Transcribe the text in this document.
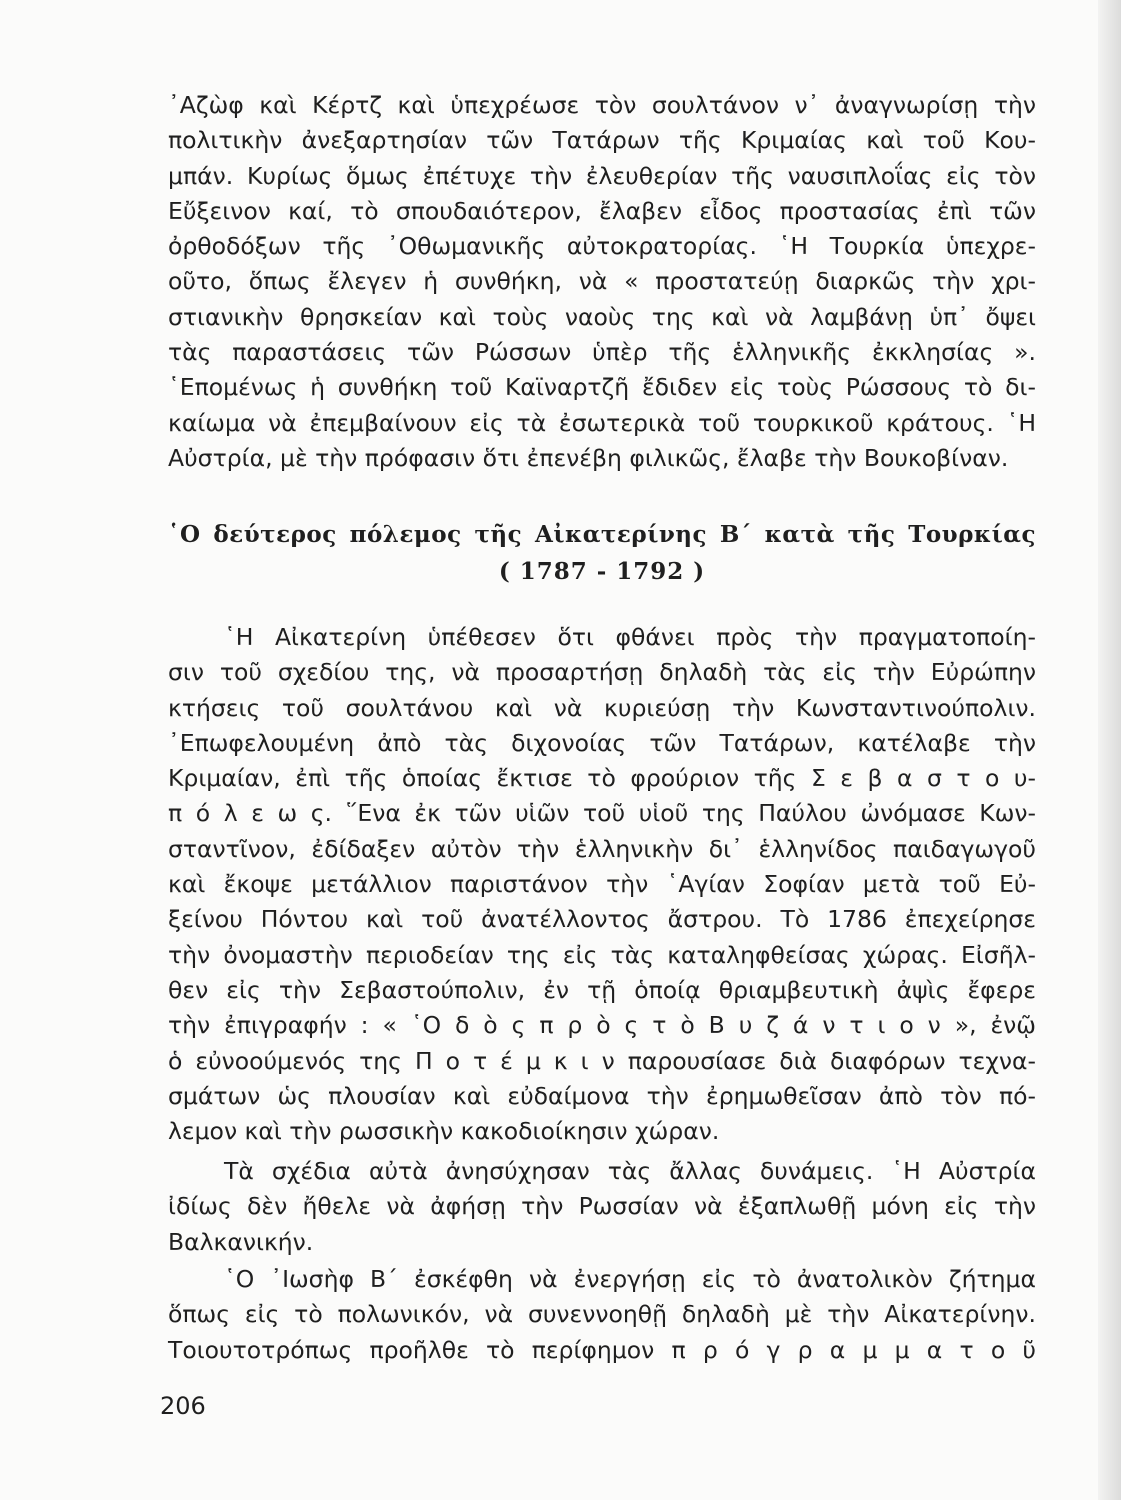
᾿Αζὼφ καὶ Κέρτζ καὶ ὑπεχρέωσε τὸν σουλτάνον ν᾿ ἀναγνωρίσῃ τὴν
πολιτικὴν ἀνεξαρτησίαν τῶν Τατάρων τῆς Κριμαίας καὶ τοῦ Κου-
μπάν. Κυρίως ὅμως ἐπέτυχε τὴν ἐλευθερίαν τῆς ναυσιπλοΐας εἰς τὸν
Εὔξεινον καί, τὸ σπουδαιότερον, ἔλαβεν εἶδος προστασίας ἐπὶ τῶν
ὀρθοδόξων τῆς ᾿Οθωμανικῆς αὐτοκρατορίας. ῾Η Τουρκία ὑπεχρε-
οῦτο, ὅπως ἔλεγεν ἡ συνθήκη, νὰ « προστατεύῃ διαρκῶς τὴν χρι-
στιανικὴν θρησκείαν καὶ τοὺς ναοὺς της καὶ νὰ λαμβάνῃ ὑπ᾿ ὄψει
τὰς παραστάσεις τῶν Ρώσσων ὑπὲρ τῆς ἑλληνικῆς ἐκκλησίας ».
῾Επομένως ἡ συνθήκη τοῦ Καϊναρτζῆ ἔδιδεν εἰς τοὺς Ρώσσους τὸ δι-
καίωμα νὰ ἐπεμβαίνουν εἰς τὰ ἐσωτερικὰ τοῦ τουρκικοῦ κράτους. ῾Η
Αὐστρία, μὲ τὴν πρόφασιν ὅτι ἐπενέβη φιλικῶς, ἔλαβε τὴν Βουκοβίναν.
῾Ο δεύτερος πόλεμος τῆς Αἰκατερίνης Β΄ κατὰ τῆς Τουρκίας
( 1787 - 1792 )
῾Η Αἰκατερίνη ὑπέθεσεν ὅτι φθάνει πρὸς τὴν πραγματοποίη-
σιν τοῦ σχεδίου της, νὰ προσαρτήσῃ δηλαδὴ τὰς εἰς τὴν Εὐρώπην
κτήσεις τοῦ σουλτάνου καὶ νὰ κυριεύσῃ τὴν Κωνσταντινούπολιν.
᾿Επωφελουμένη ἀπὸ τὰς διχονοίας τῶν Τατάρων, κατέλαβε τὴν
Κριμαίαν, ἐπὶ τῆς ὁποίας ἔκτισε τὸ φρούριον τῆς Σ ε β α σ τ ο υ-
π ό λ ε ω ς. ῞Ενα ἐκ τῶν υἱῶν τοῦ υἱοῦ της Παύλου ὠνόμασε Κων-
σταντῖνον, ἐδίδαξεν αὐτὸν τὴν ἑλληνικὴν δι᾿ ἑλληνίδος παιδαγωγοῦ
καὶ ἔκοψε μετάλλιον παριστάνον τὴν ῾Αγίαν Σοφίαν μετὰ τοῦ Εὐ-
ξείνου Πόντου καὶ τοῦ ἀνατέλλοντος ἄστρου. Τὸ 1786 ἐπεχείρησε
τὴν ὀνομαστὴν περιοδείαν της εἰς τὰς καταληφθείσας χώρας. Εἰσῆλ-
θεν εἰς τὴν Σεβαστούπολιν, ἐν τῇ ὁποίᾳ θριαμβευτικὴ ἀψὶς ἔφερε
τὴν ἐπιγραφήν : « ῾Ο δ ὸ ς π ρ ὸ ς τ ὸ Β υ ζ ά ν τ ι ο ν », ἐνῷ
ὁ εὐνοούμενός της Π ο τ έ μ κ ι ν παρουσίασε διὰ διαφόρων τεχνα-
σμάτων ὡς πλουσίαν καὶ εὐδαίμονα τὴν ἐρημωθεῖσαν ἀπὸ τὸν πό-
λεμον καὶ τὴν ρωσσικὴν κακοδιοίκησιν χώραν.
Τὰ σχέδια αὐτὰ ἀνησύχησαν τὰς ἄλλας δυνάμεις. ῾Η Αὐστρία
ἰδίως δὲν ἤθελε νὰ ἀφήσῃ τὴν Ρωσσίαν νὰ ἐξαπλωθῇ μόνη εἰς τὴν
Βαλκανικήν.
῾Ο ᾿Ιωσὴφ Β΄ ἐσκέφθη νὰ ἐνεργήσῃ εἰς τὸ ἀνατολικὸν ζήτημα
ὅπως εἰς τὸ πολωνικόν, νὰ συνεννοηθῇ δηλαδὴ μὲ τὴν Αἰκατερίνην.
Τοιουτοτρόπως προῆλθε τὸ περίφημον π ρ ό γ ρ α μ μ α τ ο ῦ
206
